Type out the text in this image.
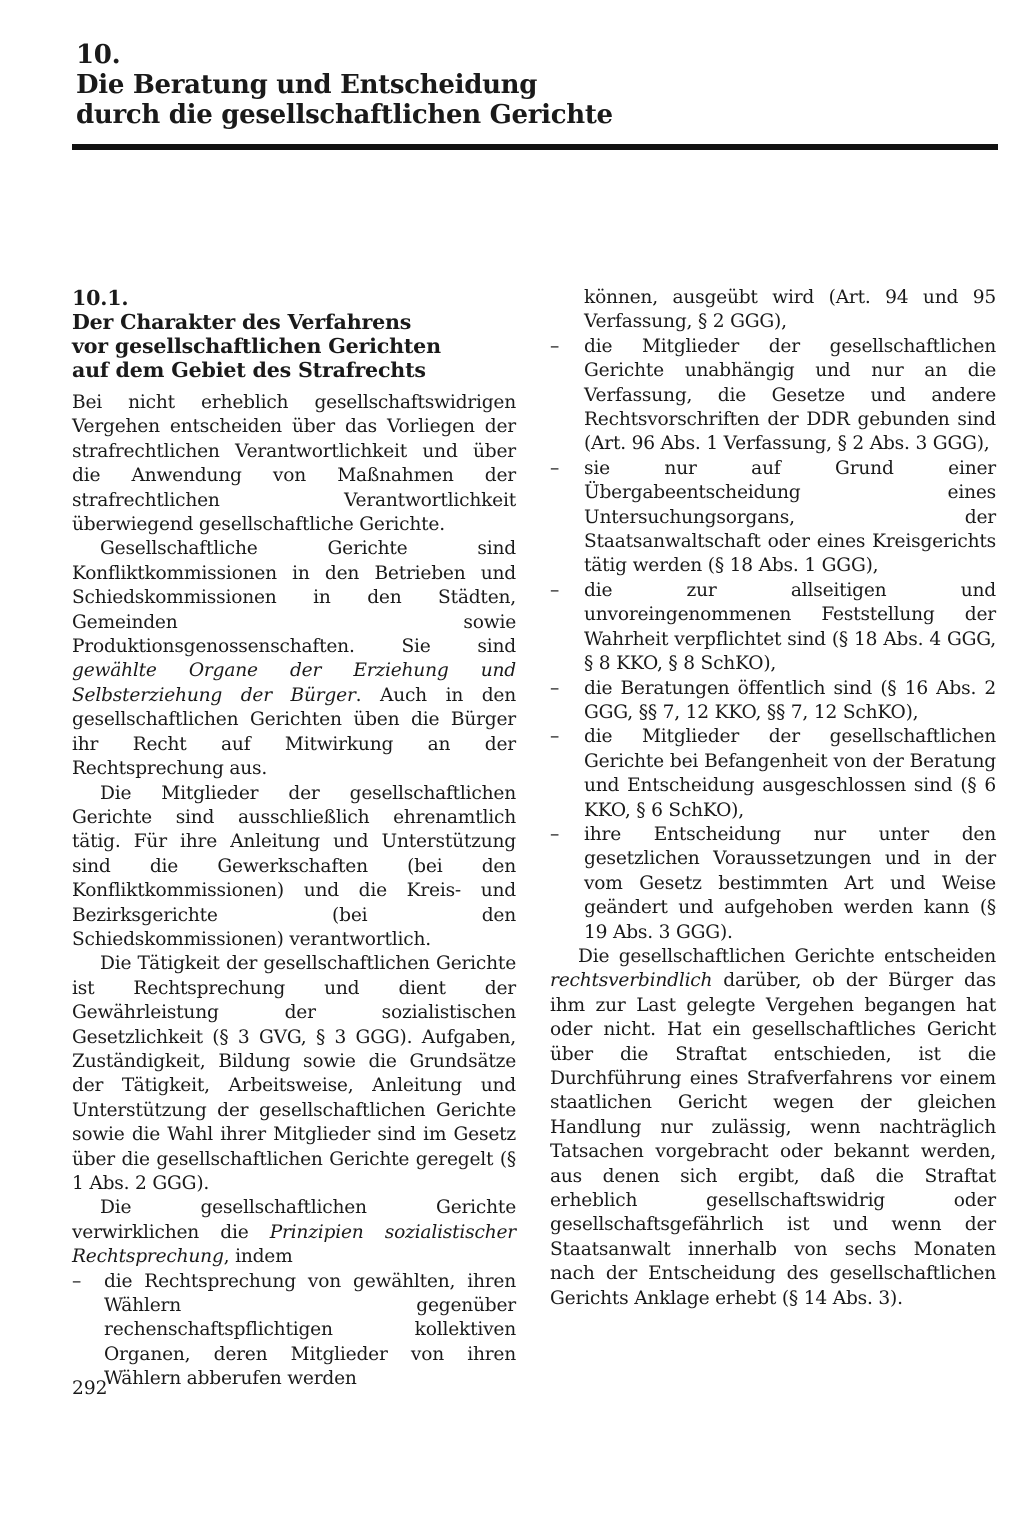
10.
Die Beratung und Entscheidung
durch die gesellschaftlichen Gerichte
10.1.
Der Charakter des Verfahrens
vor gesellschaftlichen Gerichten
auf dem Gebiet des Strafrechts

Bei nicht erheblich gesellschaftswidrigen Vergehen entscheiden über das Vorliegen der strafrechtlichen Verantwortlichkeit und über die Anwendung von Maßnahmen der strafrechtlichen Verantwortlichkeit überwiegend gesellschaftliche Gerichte.

Gesellschaftliche Gerichte sind Konfliktkommissionen in den Betrieben und Schiedskommissionen in den Städten, Gemeinden sowie Produktionsgenossenschaften. Sie sind gewählte Organe der Erziehung und Selbsterziehung der Bürger. Auch in den gesellschaftlichen Gerichten üben die Bürger ihr Recht auf Mitwirkung an der Rechtsprechung aus.

Die Mitglieder der gesellschaftlichen Gerichte sind ausschließlich ehrenamtlich tätig. Für ihre Anleitung und Unterstützung sind die Gewerkschaften (bei den Konfliktkommissionen) und die Kreis- und Bezirksgerichte (bei den Schiedskommissionen) verantwortlich.

Die Tätigkeit der gesellschaftlichen Gerichte ist Rechtsprechung und dient der Gewährleistung der sozialistischen Gesetzlichkeit (§ 3 GVG, § 3 GGG). Aufgaben, Zuständigkeit, Bildung sowie die Grundsätze der Tätigkeit, Arbeitsweise, Anleitung und Unterstützung der gesellschaftlichen Gerichte sowie die Wahl ihrer Mitglieder sind im Gesetz über die gesellschaftlichen Gerichte geregelt (§ 1 Abs. 2 GGG).

Die gesellschaftlichen Gerichte verwirklichen die Prinzipien sozialistischer Rechtsprechung, indem

– die Rechtsprechung von gewählten, ihren Wählern gegenüber rechenschaftspflichtigen kollektiven Organen, deren Mitglieder von ihren Wählern abberufen werden

können, ausgeübt wird (Art. 94 und 95 Verfassung, § 2 GGG),

– die Mitglieder der gesellschaftlichen Gerichte unabhängig und nur an die Verfassung, die Gesetze und andere Rechtsvorschriften der DDR gebunden sind (Art. 96 Abs. 1 Verfassung, § 2 Abs. 3 GGG),
– sie nur auf Grund einer Übergabeentscheidung eines Untersuchungsorgans, der Staatsanwaltschaft oder eines Kreisgerichts tätig werden (§ 18 Abs. 1 GGG),
– die zur allseitigen und unvoreingenommenen Feststellung der Wahrheit verpflichtet sind (§ 18 Abs. 4 GGG, § 8 KKO, § 8 SchKO),
– die Beratungen öffentlich sind (§ 16 Abs. 2 GGG, §§ 7, 12 KKO, §§ 7, 12 SchKO),
– die Mitglieder der gesellschaftlichen Gerichte bei Befangenheit von der Beratung und Entscheidung ausgeschlossen sind (§ 6 KKO, § 6 SchKO),
– ihre Entscheidung nur unter den gesetzlichen Voraussetzungen und in der vom Gesetz bestimmten Art und Weise geändert und aufgehoben werden kann (§ 19 Abs. 3 GGG).

Die gesellschaftlichen Gerichte entscheiden rechtsverbindlich darüber, ob der Bürger das ihm zur Last gelegte Vergehen begangen hat oder nicht. Hat ein gesellschaftliches Gericht über die Straftat entschieden, ist die Durchführung eines Strafverfahrens vor einem staatlichen Gericht wegen der gleichen Handlung nur zulässig, wenn nachträglich Tatsachen vorgebracht oder bekannt werden, aus denen sich ergibt, daß die Straftat erheblich gesellschaftswidrig oder gesellschaftsgefährlich ist und wenn der Staatsanwalt innerhalb von sechs Monaten nach der Entscheidung des gesellschaftlichen Gerichts Anklage erhebt (§ 14 Abs. 3).

292
